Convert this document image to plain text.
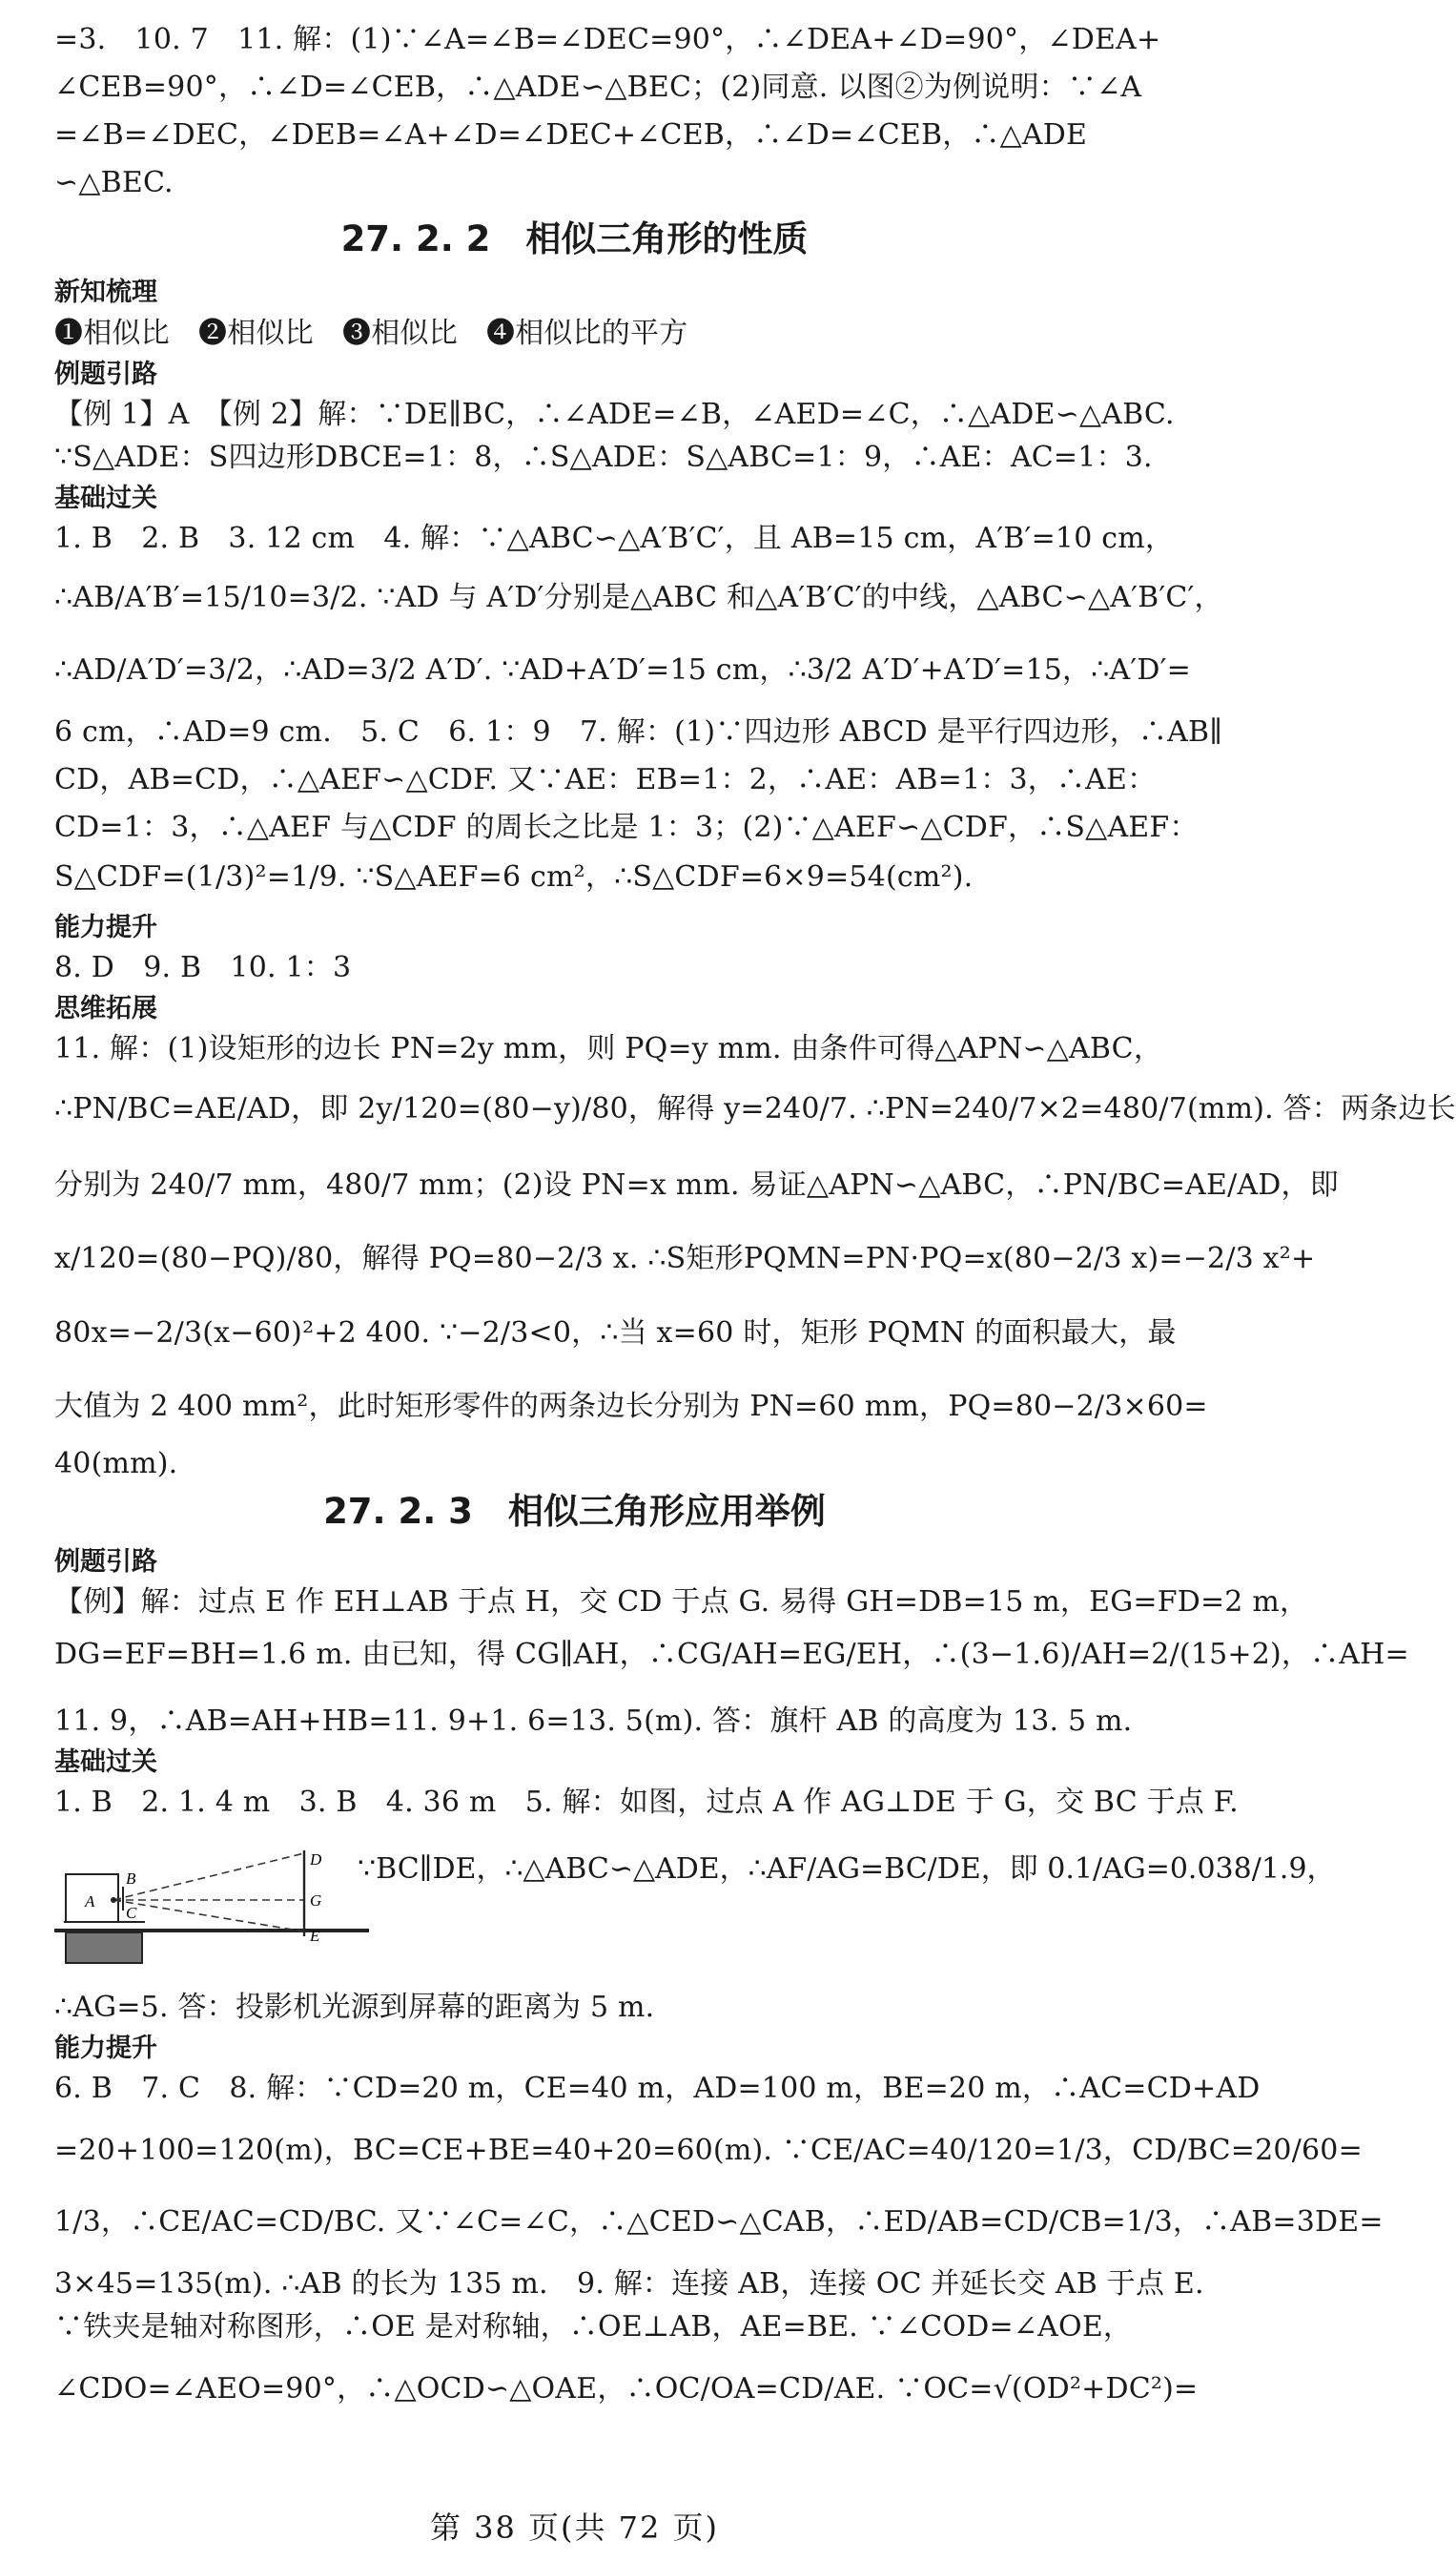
=3.　10. 7　11. 解：(1)∵∠A=∠B=∠DEC=90°，∴∠DEA+∠D=90°，∠DEA+
∠CEB=90°，∴∠D=∠CEB，∴△ADE∽△BEC；(2)同意. 以图②为例说明：∵∠A
=∠B=∠DEC，∠DEB=∠A+∠D=∠DEC+∠CEB，∴∠D=∠CEB，∴△ADE
∽△BEC.
27. 2. 2　相似三角形的性质
新知梳理
❶相似比　❷相似比　❸相似比　❹相似比的平方
例题引路
【例 1】A　【例 2】解：∵DE∥BC，∴∠ADE=∠B，∠AED=∠C，∴△ADE∽△ABC.
∵S△ADE：S四边形DBCE=1：8，∴S△ADE：S△ABC=1：9，∴AE：AC=1：3.
基础过关
1. B　2. B　3. 12 cm　4. 解：∵△ABC∽△A′B′C′，且 AB=15 cm，A′B′=10 cm，
∴AB/A′B′=15/10=3/2. ∵AD 与 A′D′分别是△ABC 和△A′B′C′的中线，△ABC∽△A′B′C′，
∴AD/A′D′=3/2，∴AD=3/2 A′D′. ∵AD+A′D′=15 cm，∴3/2 A′D′+A′D′=15，∴A′D′=
6 cm，∴AD=9 cm.　5. C　6. 1：9　7. 解：(1)∵四边形 ABCD 是平行四边形，∴AB∥
CD，AB=CD，∴△AEF∽△CDF. 又∵AE：EB=1：2，∴AE：AB=1：3，∴AE：
CD=1：3，∴△AEF 与△CDF 的周长之比是 1：3；(2)∵△AEF∽△CDF，∴S△AEF：
S△CDF=(1/3)²=1/9. ∵S△AEF=6 cm²，∴S△CDF=6×9=54(cm²).
能力提升
8. D　9. B　10. 1：3
思维拓展
11. 解：(1)设矩形的边长 PN=2y mm，则 PQ=y mm. 由条件可得△APN∽△ABC，
∴PN/BC=AE/AD，即 2y/120=(80−y)/80，解得 y=240/7. ∴PN=240/7×2=480/7(mm). 答：两条边长
分别为 240/7 mm，480/7 mm；(2)设 PN=x mm. 易证△APN∽△ABC，∴PN/BC=AE/AD，即
x/120=(80−PQ)/80，解得 PQ=80−2/3 x. ∴S矩形PQMN=PN·PQ=x(80−2/3 x)=−2/3 x²+
80x=−2/3(x−60)²+2 400. ∵−2/3<0，∴当 x=60 时，矩形 PQMN 的面积最大，最
大值为 2 400 mm²，此时矩形零件的两条边长分别为 PN=60 mm，PQ=80−2/3×60=
40(mm).
27. 2. 3　相似三角形应用举例
例题引路
【例】解：过点 E 作 EH⊥AB 于点 H，交 CD 于点 G. 易得 GH=DB=15 m，EG=FD=2 m，
DG=EF=BH=1.6 m. 由已知，得 CG∥AH，∴CG/AH=EG/EH，∴(3−1.6)/AH=2/(15+2)，∴AH=
11. 9，∴AB=AH+HB=11. 9+1. 6=13. 5(m). 答：旗杆 AB 的高度为 13. 5 m.
基础过关
1. B　2. 1. 4 m　3. B　4. 36 m　5. 解：如图，过点 A 作 AG⊥DE 于 G，交 BC 于点 F.
A
B
C
D
G
E
∵BC∥DE，∴△ABC∽△ADE，∴AF/AG=BC/DE，即 0.1/AG=0.038/1.9，
∴AG=5. 答：投影机光源到屏幕的距离为 5 m.
能力提升
6. B　7. C　8. 解：∵CD=20 m，CE=40 m，AD=100 m，BE=20 m，∴AC=CD+AD
=20+100=120(m)，BC=CE+BE=40+20=60(m). ∵CE/AC=40/120=1/3，CD/BC=20/60=
1/3，∴CE/AC=CD/BC. 又∵∠C=∠C，∴△CED∽△CAB，∴ED/AB=CD/CB=1/3，∴AB=3DE=
3×45=135(m). ∴AB 的长为 135 m.　9. 解：连接 AB，连接 OC 并延长交 AB 于点 E.
∵铁夹是轴对称图形，∴OE 是对称轴，∴OE⊥AB，AE=BE. ∵∠COD=∠AOE，
∠CDO=∠AEO=90°，∴△OCD∽△OAE，∴OC/OA=CD/AE. ∵OC=√(OD²+DC²)=
第 38 页(共 72 页)
